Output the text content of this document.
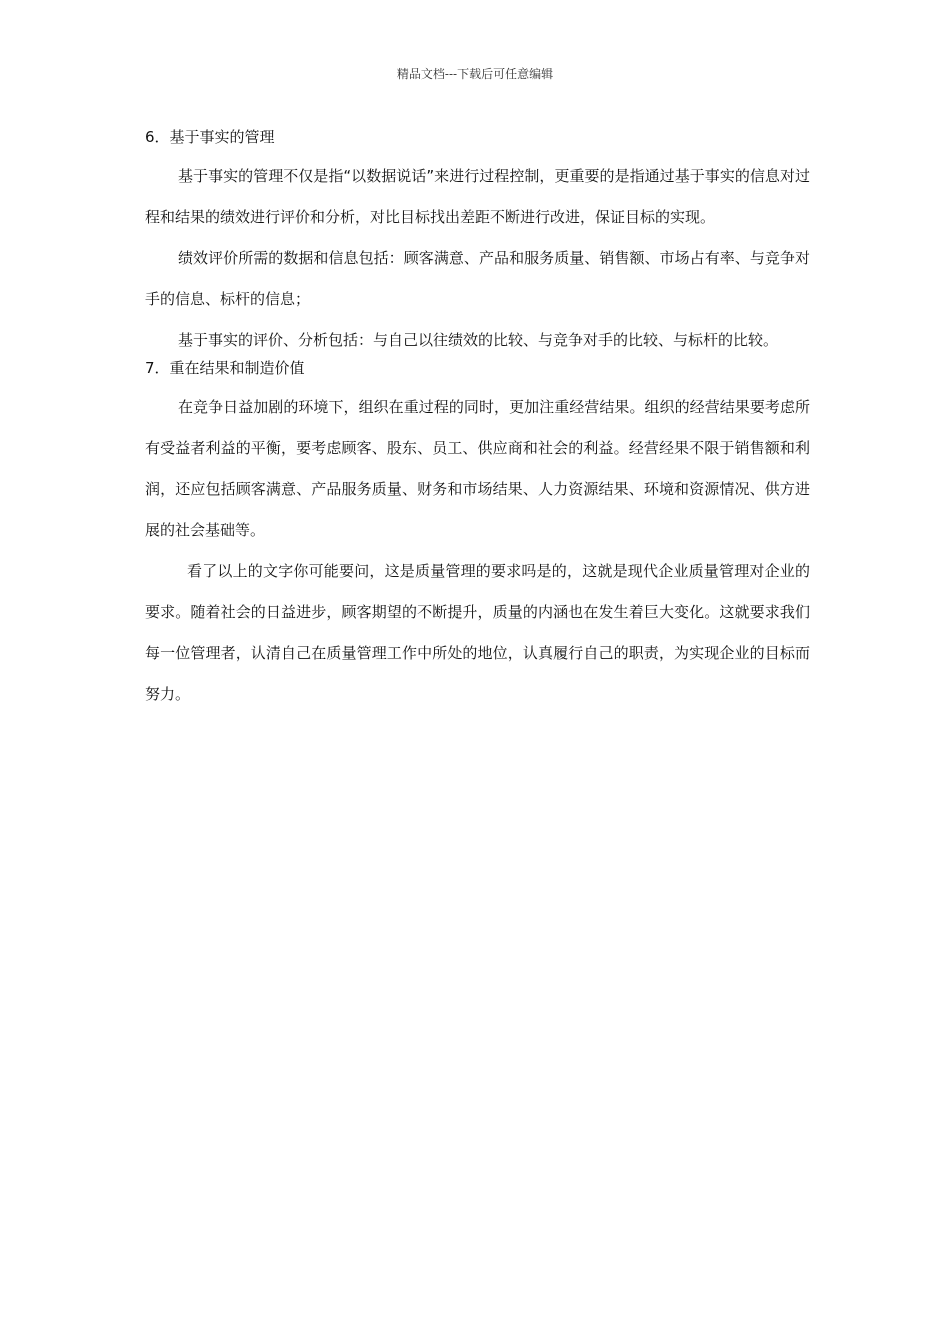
精品文档---下载后可任意编辑
6．基于事实的管理

基于事实的管理不仅是指“以数据说话”来进行过程控制，更重要的是指通过基于事实的信息对过程和结果的绩效进行评价和分析，对比目标找出差距不断进行改进，保证目标的实现。

绩效评价所需的数据和信息包括：顾客满意、产品和服务质量、销售额、市场占有率、与竞争对手的信息、标杆的信息；

基于事实的评价、分析包括：与自己以往绩效的比较、与竞争对手的比较、与标杆的比较。

7．重在结果和制造价值

在竞争日益加剧的环境下，组织在重过程的同时，更加注重经营结果。组织的经营结果要考虑所有受益者利益的平衡，要考虑顾客、股东、员工、供应商和社会的利益。经营经果不限于销售额和利润，还应包括顾客满意、产品服务质量、财务和市场结果、人力资源结果、环境和资源情况、供方进展的社会基础等。

看了以上的文字你可能要问，这是质量管理的要求吗是的，这就是现代企业质量管理对企业的要求。随着社会的日益进步，顾客期望的不断提升，质量的内涵也在发生着巨大变化。这就要求我们每一位管理者，认清自己在质量管理工作中所处的地位，认真履行自己的职责，为实现企业的目标而努力。
